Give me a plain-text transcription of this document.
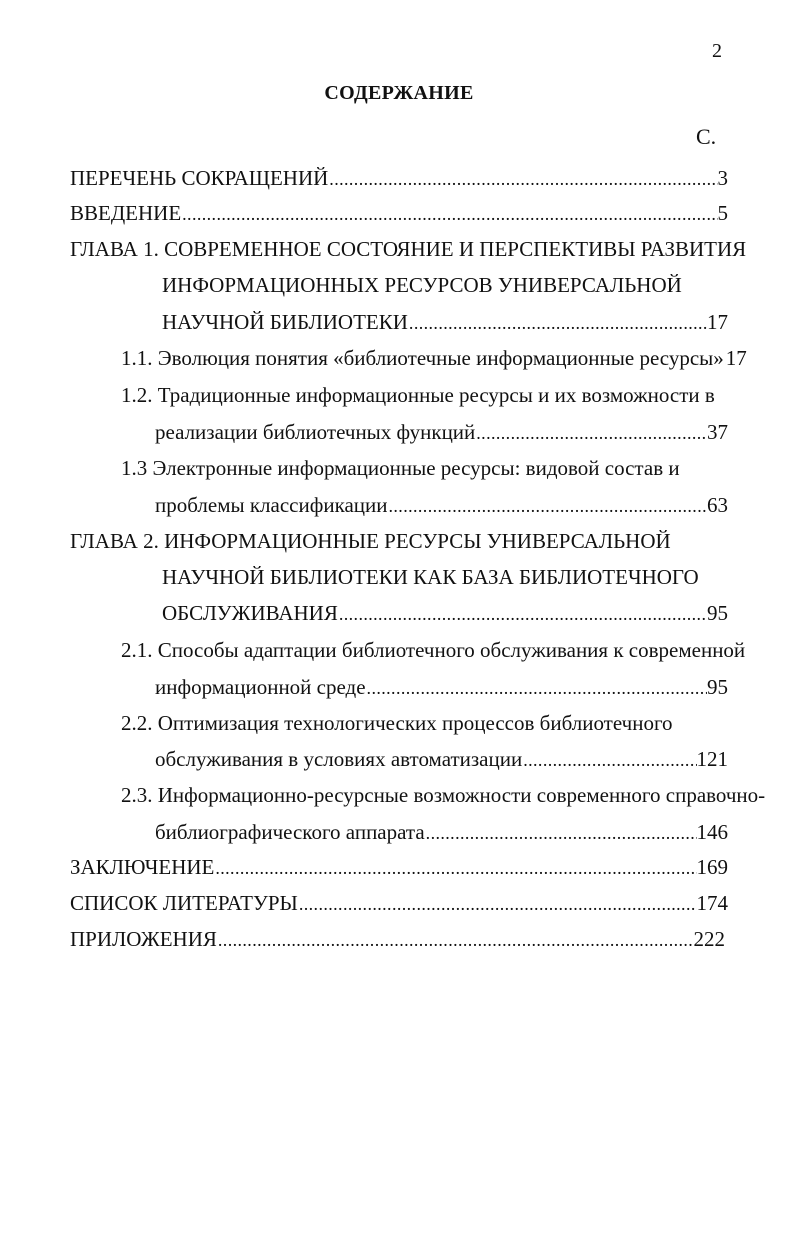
2
СОДЕРЖАНИЕ
С.
ПЕРЕЧЕНЬ СОКРАЩЕНИЙ .....	3
ВВЕДЕНИЕ .....	5
ГЛАВА 1. СОВРЕМЕННОЕ СОСТОЯНИЕ И ПЕРСПЕКТИВЫ РАЗВИТИЯ
ИНФОРМАЦИОННЫХ РЕСУРСОВ УНИВЕРСАЛЬНОЙ
НАУЧНОЙ БИБЛИОТЕКИ .....	17
1.1. Эволюция понятия «библиотечные информационные ресурсы» ..... 17
1.2. Традиционные информационные ресурсы и их возможности в
реализации библиотечных функций .....	37
1.3 Электронные информационные ресурсы: видовой состав и
проблемы классификации .....	63
ГЛАВА 2. ИНФОРМАЦИОННЫЕ РЕСУРСЫ УНИВЕРСАЛЬНОЙ
НАУЧНОЙ БИБЛИОТЕКИ КАК БАЗА БИБЛИОТЕЧНОГО
ОБСЛУЖИВАНИЯ .....	95
2.1. Способы адаптации библиотечного обслуживания к современной
информационной среде .....	95
2.2. Оптимизация технологических процессов библиотечного
обслуживания в условиях автоматизации .....	121
2.3. Информационно-ресурсные возможности современного справочно-
библиографического аппарата .....	146
ЗАКЛЮЧЕНИЕ .....	169
СПИСОК ЛИТЕРАТУРЫ .....	174
ПРИЛОЖЕНИЯ .....	222
